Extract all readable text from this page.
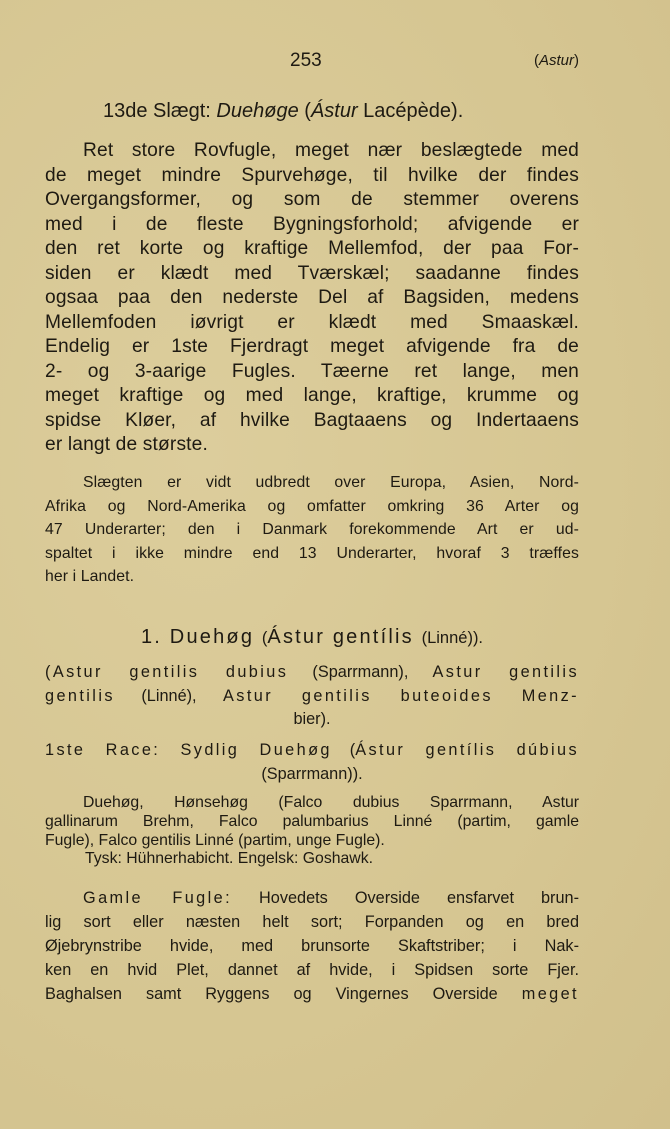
253	(Astur)
13de Slægt: Duehøge (Ástur Lacépède).
Ret store Rovfugle, meget nær beslægtede med
de meget mindre Spurvehøge, til hvilke der findes
Overgangsformer, og som de stemmer overens
med i de fleste Bygningsforhold; afvigende er
den ret korte og kraftige Mellemfod, der paa For-
siden er klædt med Tværskæl; saadanne findes
ogsaa paa den nederste Del af Bagsiden, medens
Mellemfoden iøvrigt er klædt med Smaaskæl.
Endelig er 1ste Fjerdragt meget afvigende fra de
2- og 3-aarige Fugles. Tæerne ret lange, men
meget kraftige og med lange, kraftige, krumme og
spidse Kløer, af hvilke Bagtaaens og Indertaaens
er langt de største.
Slægten er vidt udbredt over Europa, Asien, Nord-
Afrika og Nord-Amerika og omfatter omkring 36 Arter og
47 Underarter; den i Danmark forekommende Art er ud-
spaltet i ikke mindre end 13 Underarter, hvoraf 3 træffes
her i Landet.
1. Duehøg (Ástur gentílis (Linné)).
(Astur gentilis dubius (Sparrmann), Astur gentilis
gentilis (Linné), Astur gentilis buteoides Menz-
bier).
1ste Race: Sydlig Duehøg (Ástur gentílis dúbius
(Sparrmann)).
Duehøg, Hønsehøg (Falco dubius Sparrmann, Astur
gallinarum Brehm, Falco palumbarius Linné (partim, gamle
Fugle), Falco gentilis Linné (partim, unge Fugle).
Tysk: Hühnerhabicht. Engelsk: Goshawk.
Gamle Fugle: Hovedets Overside ensfarvet brun-
lig sort eller næsten helt sort; Forpanden og en bred
Øjebrynstribe hvide, med brunsorte Skaftstriber; i Nak-
ken en hvid Plet, dannet af hvide, i Spidsen sorte Fjer.
Baghalsen samt Ryggens og Vingernes Overside meget
